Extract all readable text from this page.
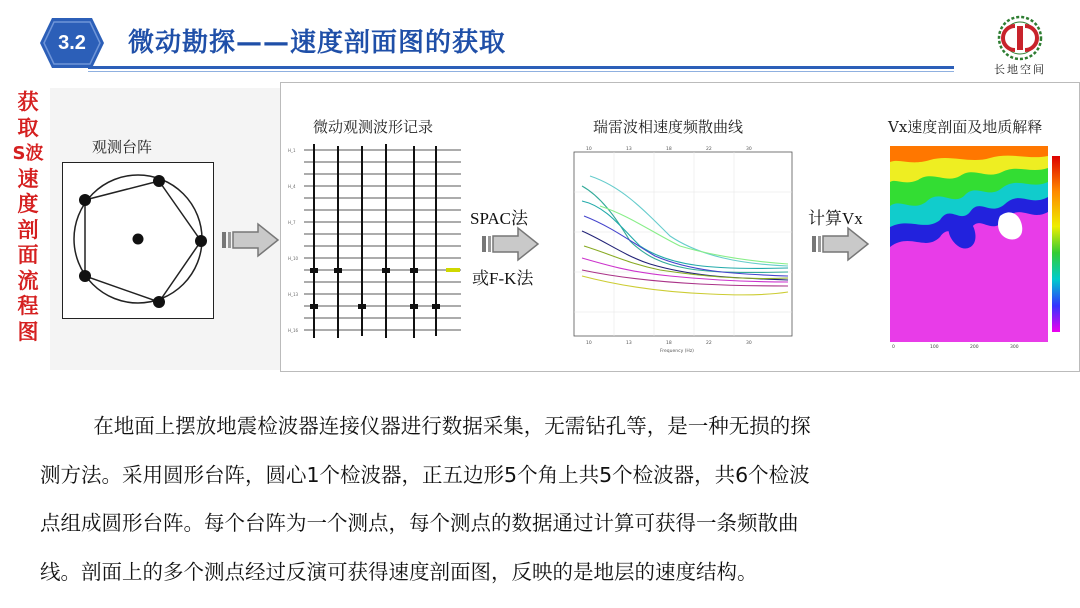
3.2	微动勘探——速度剖面图的获取
长地空间
获
取
S波
速
度
剖
面
流
程
图
观测台阵
微动观测波形记录
H_1
H_4
H_7
H_10
H_13
H_16
SPAC法
或F-K法
瑞雷波相速度频散曲线
10	13	18	22	30
10	13	18	22	30
Frequency (Hz)
计算Vx
Vx速度剖面及地质解释
0	100	200	300

在地面上摆放地震检波器连接仪器进行数据采集，无需钻孔等，是一种无损的探

测方法。采用圆形台阵，圆心1个检波器，正五边形5个角上共5个检波器，共6个检波

点组成圆形台阵。每个台阵为一个测点，每个测点的数据通过计算可获得一条频散曲

线。剖面上的多个测点经过反演可获得速度剖面图，反映的是地层的速度结构。
